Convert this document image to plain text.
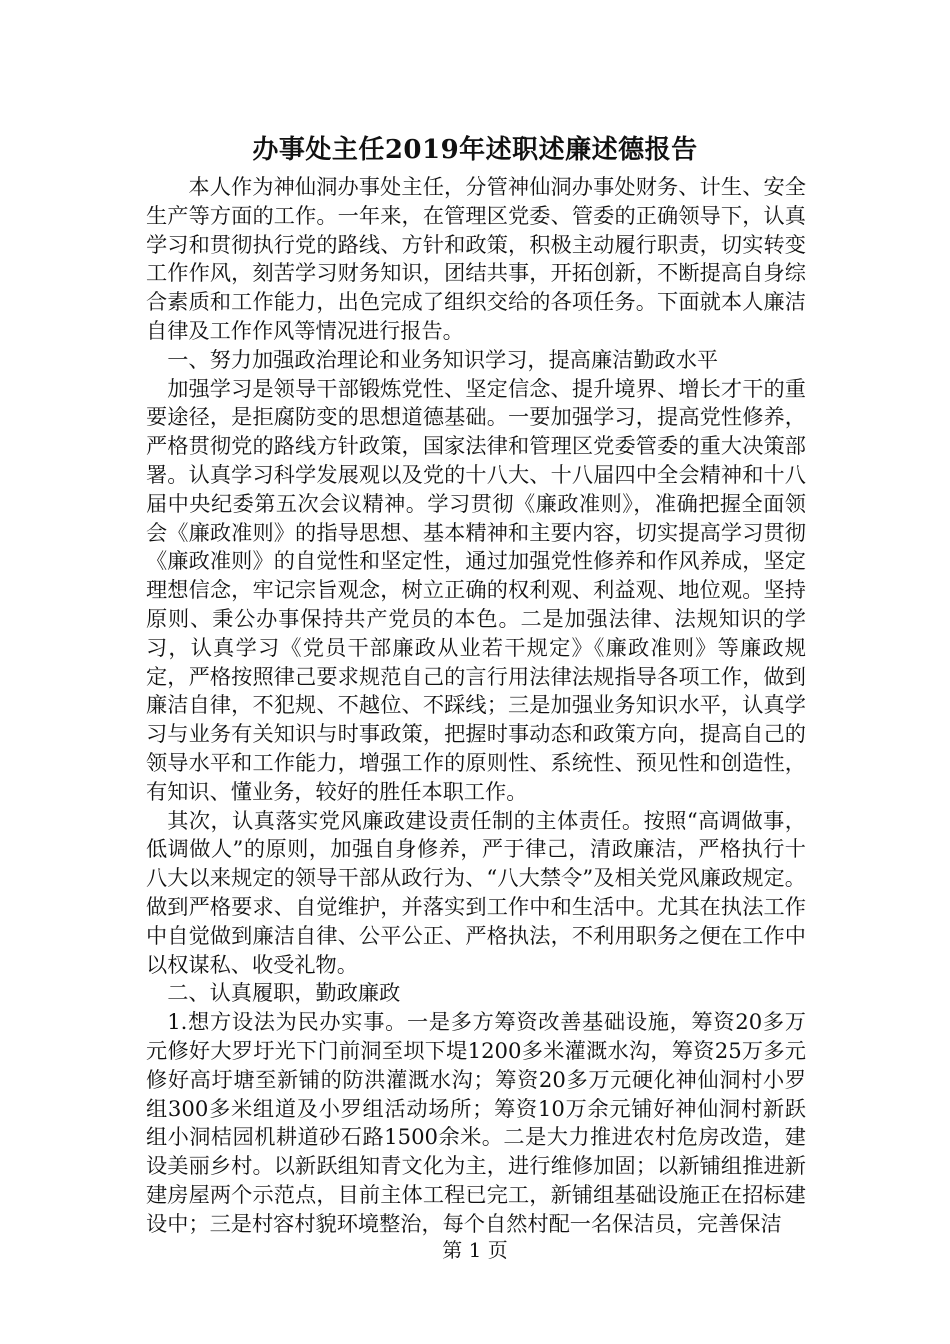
办事处主任2019年述职述廉述德报告

本人作为神仙洞办事处主任，分管神仙洞办事处财务、计生、安全生产等方面的工作。一年来，在管理区党委、管委的正确领导下，认真学习和贯彻执行党的路线、方针和政策，积极主动履行职责，切实转变工作作风，刻苦学习财务知识，团结共事，开拓创新，不断提高自身综合素质和工作能力，出色完成了组织交给的各项任务。下面就本人廉洁自律及工作作风等情况进行报告。

一、努力加强政治理论和业务知识学习，提高廉洁勤政水平

加强学习是领导干部锻炼党性、坚定信念、提升境界、增长才干的重要途径，是拒腐防变的思想道德基础。一要加强学习，提高党性修养，严格贯彻党的路线方针政策，国家法律和管理区党委管委的重大决策部署。认真学习科学发展观以及党的十八大、十八届四中全会精神和十八届中央纪委第五次会议精神。学习贯彻《廉政准则》，准确把握全面领会《廉政准则》的指导思想、基本精神和主要内容，切实提高学习贯彻《廉政准则》的自觉性和坚定性，通过加强党性修养和作风养成，坚定理想信念，牢记宗旨观念，树立正确的权利观、利益观、地位观。坚持原则、秉公办事保持共产党员的本色。二是加强法律、法规知识的学习，认真学习《党员干部廉政从业若干规定》《廉政准则》等廉政规定，严格按照律己要求规范自己的言行用法律法规指导各项工作，做到廉洁自律，不犯规、不越位、不踩线；三是加强业务知识水平，认真学习与业务有关知识与时事政策，把握时事动态和政策方向，提高自己的领导水平和工作能力，增强工作的原则性、系统性、预见性和创造性，有知识、懂业务，较好的胜任本职工作。

其次，认真落实党风廉政建设责任制的主体责任。按照“高调做事，低调做人”的原则，加强自身修养，严于律己，清政廉洁，严格执行十八大以来规定的领导干部从政行为、“八大禁令”及相关党风廉政规定。做到严格要求、自觉维护，并落实到工作中和生活中。尤其在执法工作中自觉做到廉洁自律、公平公正、严格执法，不利用职务之便在工作中以权谋私、收受礼物。

二、认真履职，勤政廉政

1.想方设法为民办实事。一是多方筹资改善基础设施，筹资20多万元修好大罗圩光下门前洞至坝下堤1200多米灌溉水沟，筹资25万多元修好高圩塘至新铺的防洪灌溉水沟；筹资20多万元硬化神仙洞村小罗组300多米组道及小罗组活动场所；筹资10万余元铺好神仙洞村新跃组小洞桔园机耕道砂石路1500余米。二是大力推进农村危房改造，建设美丽乡村。以新跃组知青文化为主，进行维修加固；以新铺组推进新建房屋两个示范点，目前主体工程已完工，新铺组基础设施正在招标建设中；三是村容村貌环境整治，每个自然村配一名保洁员，完善保洁

第 1 页
